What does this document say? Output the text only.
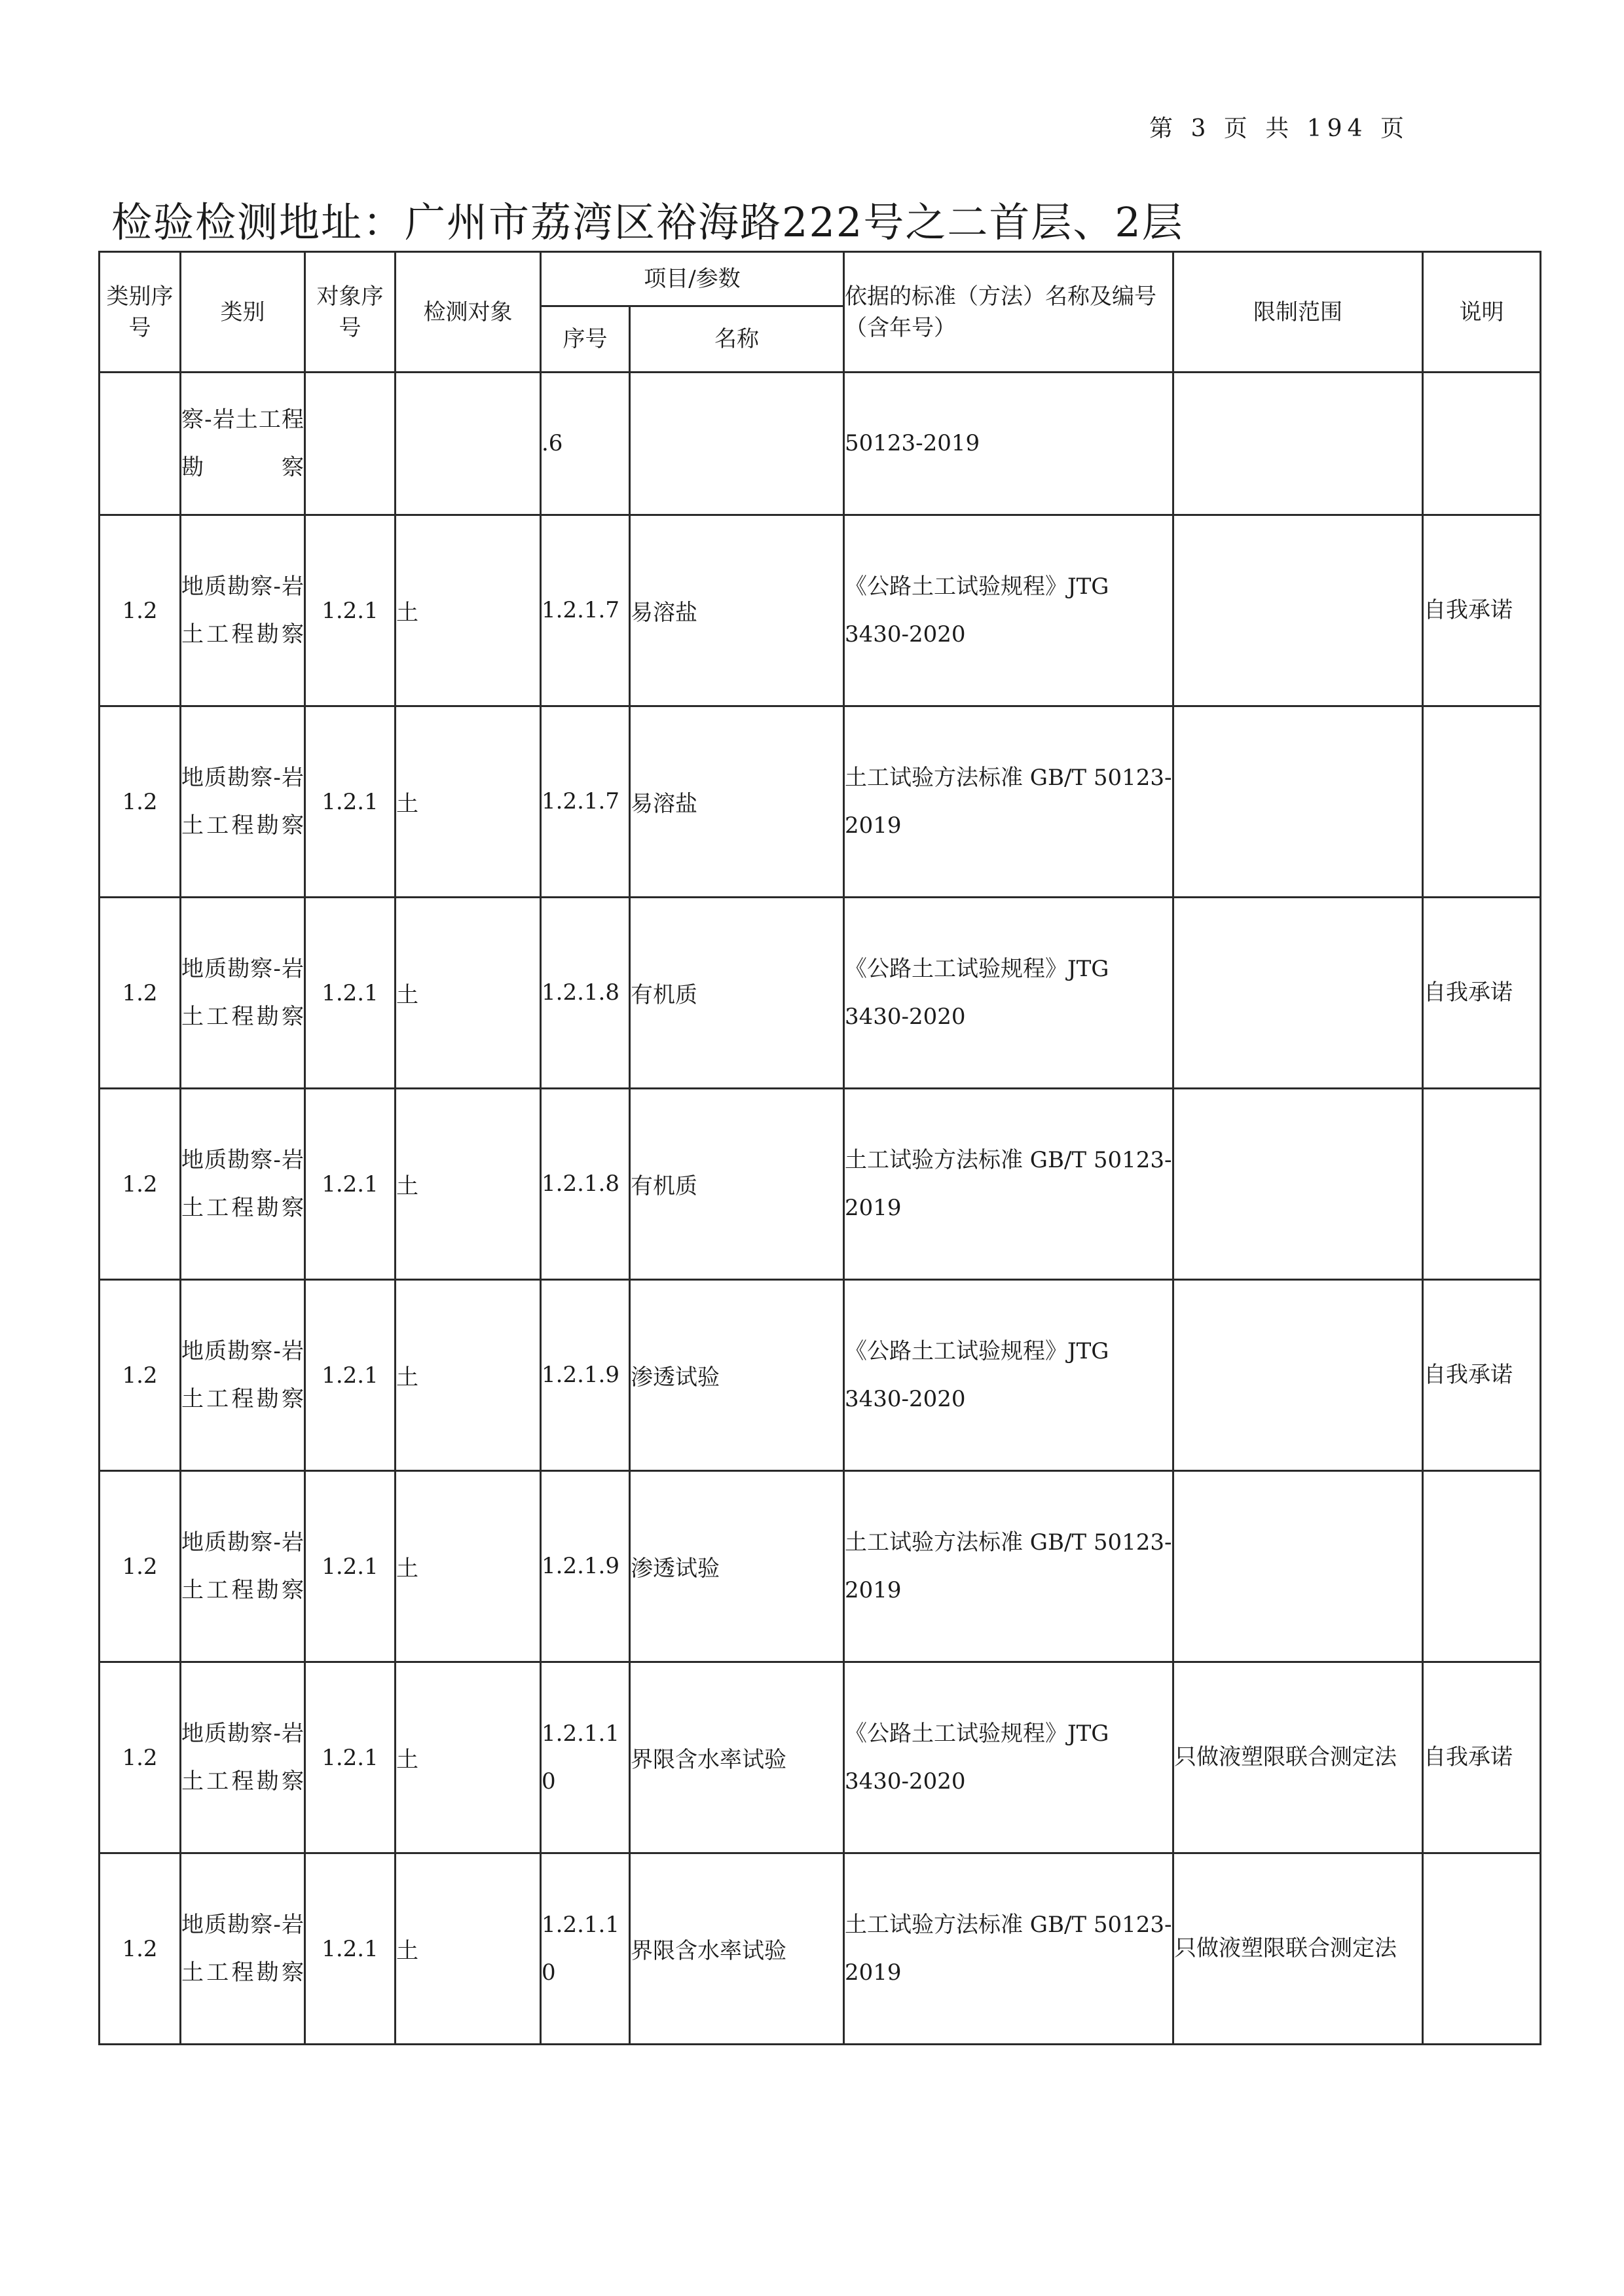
第 3 页 共 194 页
检验检测地址：广州市荔湾区裕海路222号之二首层、2层
类别序号	类别	对象序号	检测对象	项目/参数		依据的标准（方法）名称及编号（含年号）	限制范围	说明
				序号	名称			
	察-岩土工程勘察			.6		50123-2019		
1.2	地质勘察-岩土工程勘察	1.2.1	土	1.2.1.7	易溶盐	《公路土工试验规程》JTG 3430-2020		自我承诺
1.2	地质勘察-岩土工程勘察	1.2.1	土	1.2.1.7	易溶盐	土工试验方法标准 GB/T 50123-2019		
1.2	地质勘察-岩土工程勘察	1.2.1	土	1.2.1.8	有机质	《公路土工试验规程》JTG 3430-2020		自我承诺
1.2	地质勘察-岩土工程勘察	1.2.1	土	1.2.1.8	有机质	土工试验方法标准 GB/T 50123-2019		
1.2	地质勘察-岩土工程勘察	1.2.1	土	1.2.1.9	渗透试验	《公路土工试验规程》JTG 3430-2020		自我承诺
1.2	地质勘察-岩土工程勘察	1.2.1	土	1.2.1.9	渗透试验	土工试验方法标准 GB/T 50123-2019		
1.2	地质勘察-岩土工程勘察	1.2.1	土	1.2.1.10	界限含水率试验	《公路土工试验规程》JTG 3430-2020	只做液塑限联合测定法	自我承诺
1.2	地质勘察-岩土工程勘察	1.2.1	土	1.2.1.10	界限含水率试验	土工试验方法标准 GB/T 50123-2019	只做液塑限联合测定法	
